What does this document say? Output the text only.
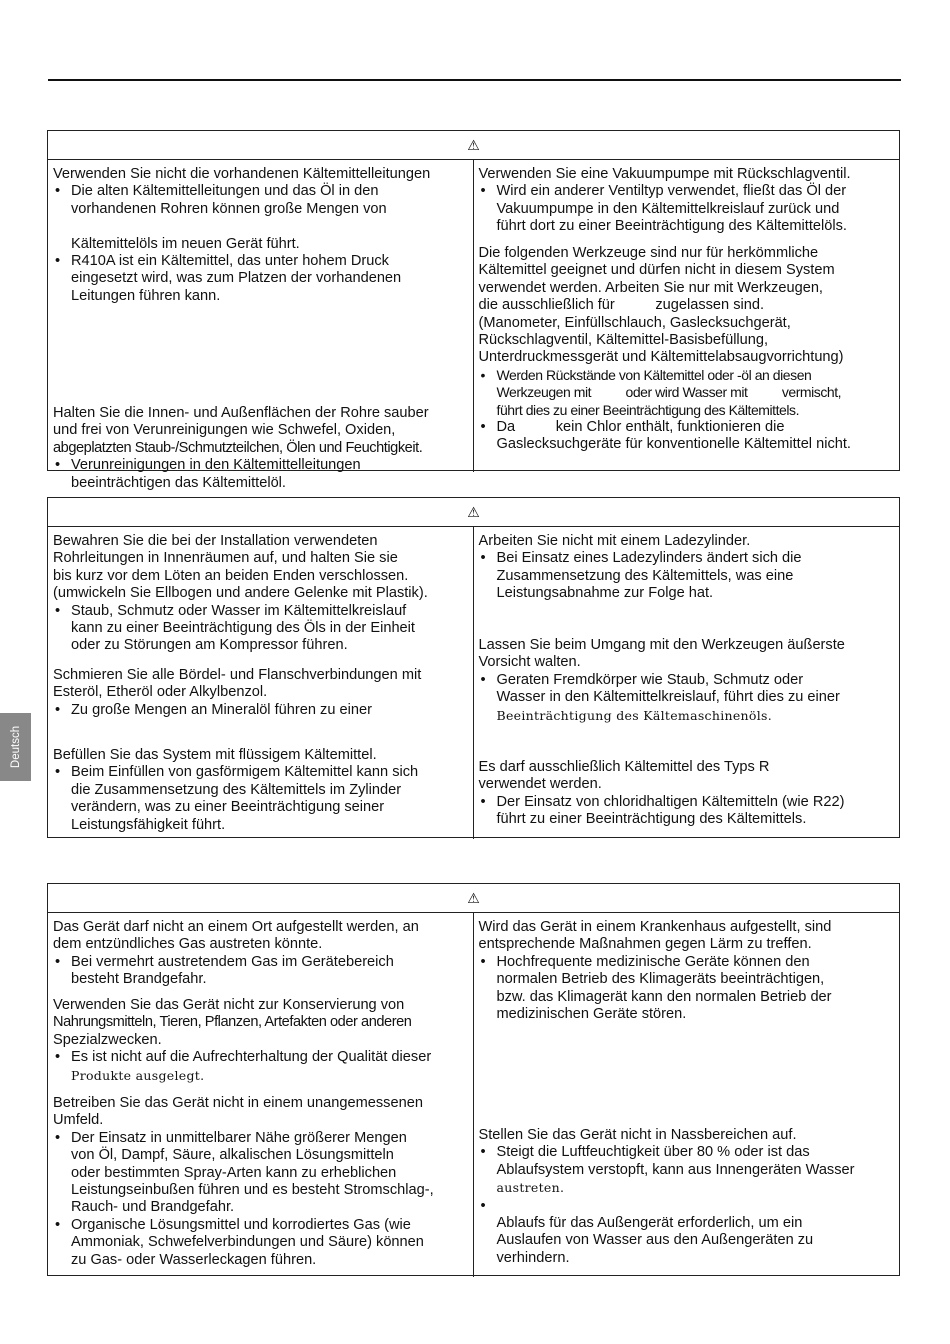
⚠

Verwenden Sie nicht die vorhandenen Kältemittelleitungen

• Die alten Kältemittelleitungen und das Öl in den
vorhandenen Rohren können große Mengen von

Kältemittelöls im neuen Gerät führt.
• R410A ist ein Kältemittel, das unter hohem Druck
eingesetzt wird, was zum Platzen der vorhandenen
Leitungen führen kann.

Halten Sie die Innen- und Außenflächen der Rohre sauber
und frei von Verunreinigungen wie Schwefel, Oxiden,
abgeplatzten Staub-/Schmutzteilchen, Ölen und Feuchtigkeit.

• Verunreinigungen in den Kältemittelleitungen
beeinträchtigen das Kältemittelöl.

Verwenden Sie eine Vakuumpumpe mit Rückschlagventil.

• Wird ein anderer Ventiltyp verwendet, fließt das Öl der
Vakuumpumpe in den Kältemittelkreislauf zurück und
führt dort zu einer Beeinträchtigung des Kältemittelöls.

Die folgenden Werkzeuge sind nur für herkömmliche
Kältemittel geeignet und dürfen nicht in diesem System
verwendet werden. Arbeiten Sie nur mit Werkzeugen,
die ausschließlich für          zugelassen sind.
(Manometer, Einfüllschlauch, Gaslecksuchgerät,
Rückschlagventil, Kältemittel-Basisbefüllung,
Unterdruckmessgerät und Kältemittelabsaugvorrichtung)

• Werden Rückstände von Kältemittel oder -öl an diesen
Werkzeugen mit          oder wird Wasser mit          vermischt,
führt dies zu einer Beeinträchtigung des Kältemittels.
• Da          kein Chlor enthält, funktionieren die
Gaslecksuchgeräte für konventionelle Kältemittel nicht.
⚠

Bewahren Sie die bei der Installation verwendeten
Rohrleitungen in Innenräumen auf, und halten Sie sie
bis kurz vor dem Löten an beiden Enden verschlossen.
(umwickeln Sie Ellbogen und andere Gelenke mit Plastik).

• Staub, Schmutz oder Wasser im Kältemittelkreislauf
kann zu einer Beeinträchtigung des Öls in der Einheit
oder zu Störungen am Kompressor führen.

Schmieren Sie alle Bördel- und Flanschverbindungen mit
Esteröl, Etheröl oder Alkylbenzol.

• Zu große Mengen an Mineralöl führen zu einer

Befüllen Sie das System mit flüssigem Kältemittel.

• Beim Einfüllen von gasförmigem Kältemittel kann sich
die Zusammensetzung des Kältemittels im Zylinder
verändern, was zu einer Beeinträchtigung seiner
Leistungsfähigkeit führt.

Arbeiten Sie nicht mit einem Ladezylinder.

• Bei Einsatz eines Ladezylinders ändert sich die
Zusammensetzung des Kältemittels, was eine
Leistungsabnahme zur Folge hat.

Lassen Sie beim Umgang mit den Werkzeugen äußerste
Vorsicht walten.

• Geraten Fremdkörper wie Staub, Schmutz oder
Wasser in den Kältemittelkreislauf, führt dies zu einer
Beeinträchtigung des Kältemaschinenöls.

Es darf ausschließlich Kältemittel des Typs R
verwendet werden.

• Der Einsatz von chloridhaltigen Kältemitteln (wie R22)
führt zu einer Beeinträchtigung des Kältemittels.
⚠

Das Gerät darf nicht an einem Ort aufgestellt werden, an
dem entzündliches Gas austreten könnte.

• Bei vermehrt austretendem Gas im Gerätebereich
besteht Brandgefahr.

Verwenden Sie das Gerät nicht zur Konservierung von
Nahrungsmitteln, Tieren, Pflanzen, Artefakten oder anderen
Spezialzwecken.

• Es ist nicht auf die Aufrechterhaltung der Qualität dieser
Produkte ausgelegt.

Betreiben Sie das Gerät nicht in einem unangemessenen
Umfeld.

• Der Einsatz in unmittelbarer Nähe größerer Mengen
von Öl, Dampf, Säure, alkalischen Lösungsmitteln
oder bestimmten Spray-Arten kann zu erheblichen
Leistungseinbußen führen und es besteht Stromschlag-,
Rauch- und Brandgefahr.
• Organische Lösungsmittel und korrodiertes Gas (wie
Ammoniak, Schwefelverbindungen und Säure) können
zu Gas- oder Wasserleckagen führen.

Wird das Gerät in einem Krankenhaus aufgestellt, sind
entsprechende Maßnahmen gegen Lärm zu treffen.

• Hochfrequente medizinische Geräte können den
normalen Betrieb des Klimageräts beeinträchtigen,
bzw. das Klimagerät kann den normalen Betrieb der
medizinischen Geräte stören.

Stellen Sie das Gerät nicht in Nassbereichen auf.

• Steigt die Luftfeuchtigkeit über 80 % oder ist das
Ablaufsystem verstopft, kann aus Innengeräten Wasser
austreten.

• Ablaufs für das Außengerät erforderlich, um ein
Auslaufen von Wasser aus den Außengeräten zu
verhindern.
Deutsch
